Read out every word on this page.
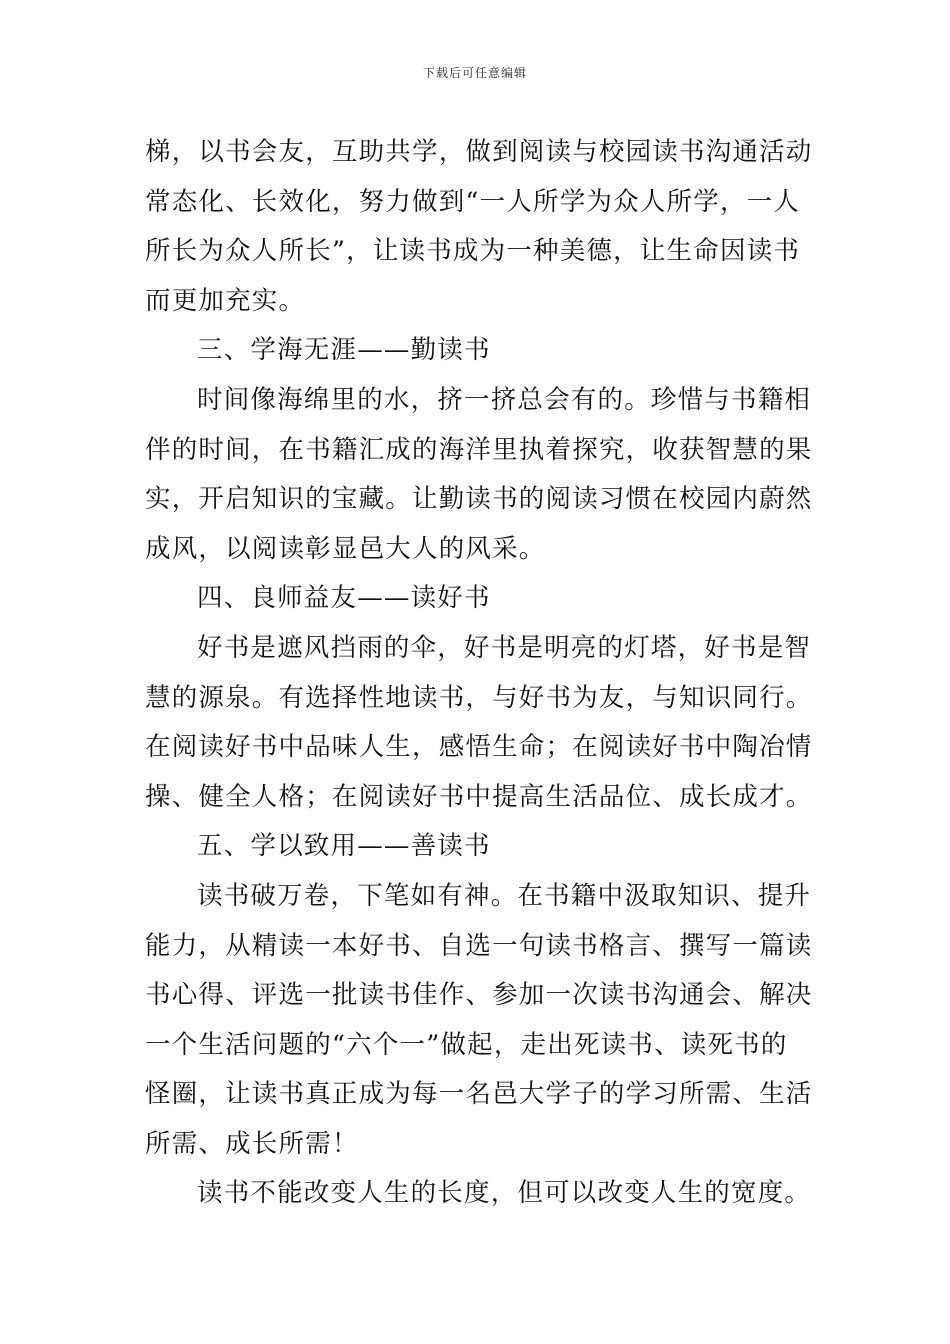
下载后可任意编辑
梯，以书会友，互助共学，做到阅读与校园读书沟通活动
常态化、长效化，努力做到“一人所学为众人所学，一人
所长为众人所长”，让读书成为一种美德，让生命因读书
而更加充实。
三、学海无涯——勤读书
时间像海绵里的水，挤一挤总会有的。珍惜与书籍相
伴的时间，在书籍汇成的海洋里执着探究，收获智慧的果
实，开启知识的宝藏。让勤读书的阅读习惯在校园内蔚然
成风，以阅读彰显邑大人的风采。
四、良师益友——读好书
好书是遮风挡雨的伞，好书是明亮的灯塔，好书是智
慧的源泉。有选择性地读书，与好书为友，与知识同行。
在阅读好书中品味人生，感悟生命；在阅读好书中陶冶情
操、健全人格；在阅读好书中提高生活品位、成长成才。
五、学以致用——善读书
读书破万卷，下笔如有神。在书籍中汲取知识、提升
能力，从精读一本好书、自选一句读书格言、撰写一篇读
书心得、评选一批读书佳作、参加一次读书沟通会、解决
一个生活问题的“六个一”做起，走出死读书、读死书的
怪圈，让读书真正成为每一名邑大学子的学习所需、生活
所需、成长所需！
读书不能改变人生的长度，但可以改变人生的宽度。
